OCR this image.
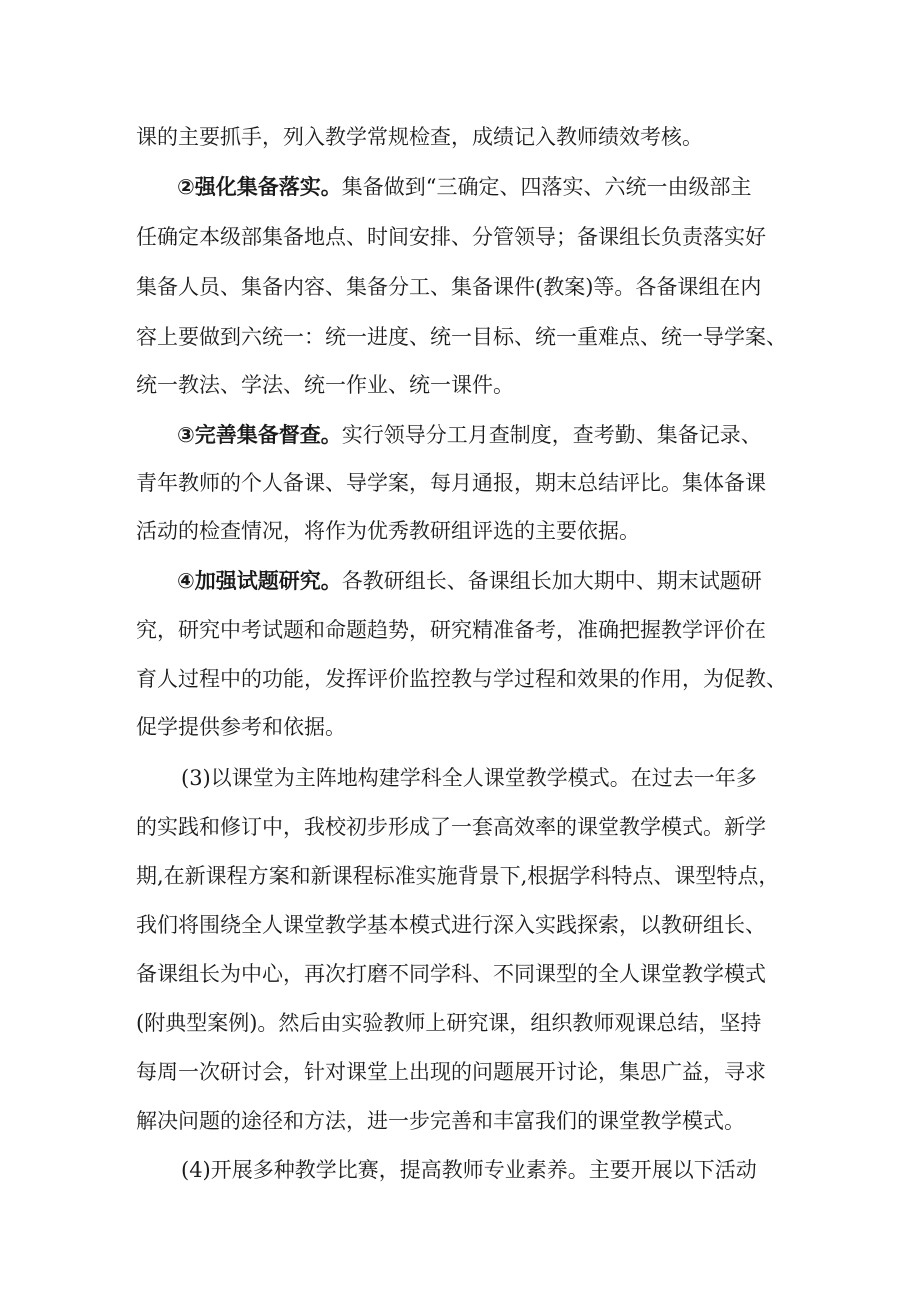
课的主要抓手，列入教学常规检查，成绩记入教师绩效考核。
②强化集备落实。集备做到“三确定、四落实、六统一由级部主
任确定本级部集备地点、时间安排、分管领导；备课组长负责落实好
集备人员、集备内容、集备分工、集备课件(教案)等。各备课组在内
容上要做到六统一：统一进度、统一目标、统一重难点、统一导学案、
统一教法、学法、统一作业、统一课件。
③完善集备督查。实行领导分工月查制度，查考勤、集备记录、
青年教师的个人备课、导学案，每月通报，期末总结评比。集体备课
活动的检查情况，将作为优秀教研组评选的主要依据。
④加强试题研究。各教研组长、备课组长加大期中、期末试题研
究，研究中考试题和命题趋势，研究精准备考，准确把握教学评价在
育人过程中的功能，发挥评价监控教与学过程和效果的作用，为促教、
促学提供参考和依据。
(3)以课堂为主阵地构建学科全人课堂教学模式。在过去一年多
的实践和修订中，我校初步形成了一套高效率的课堂教学模式。新学
期,在新课程方案和新课程标准实施背景下,根据学科特点、课型特点，
我们将围绕全人课堂教学基本模式进行深入实践探索，以教研组长、
备课组长为中心，再次打磨不同学科、不同课型的全人课堂教学模式
(附典型案例)。然后由实验教师上研究课，组织教师观课总结，坚持
每周一次研讨会，针对课堂上出现的问题展开讨论，集思广益，寻求
解决问题的途径和方法，进一步完善和丰富我们的课堂教学模式。
(4)开展多种教学比赛，提高教师专业素养。主要开展以下活动
